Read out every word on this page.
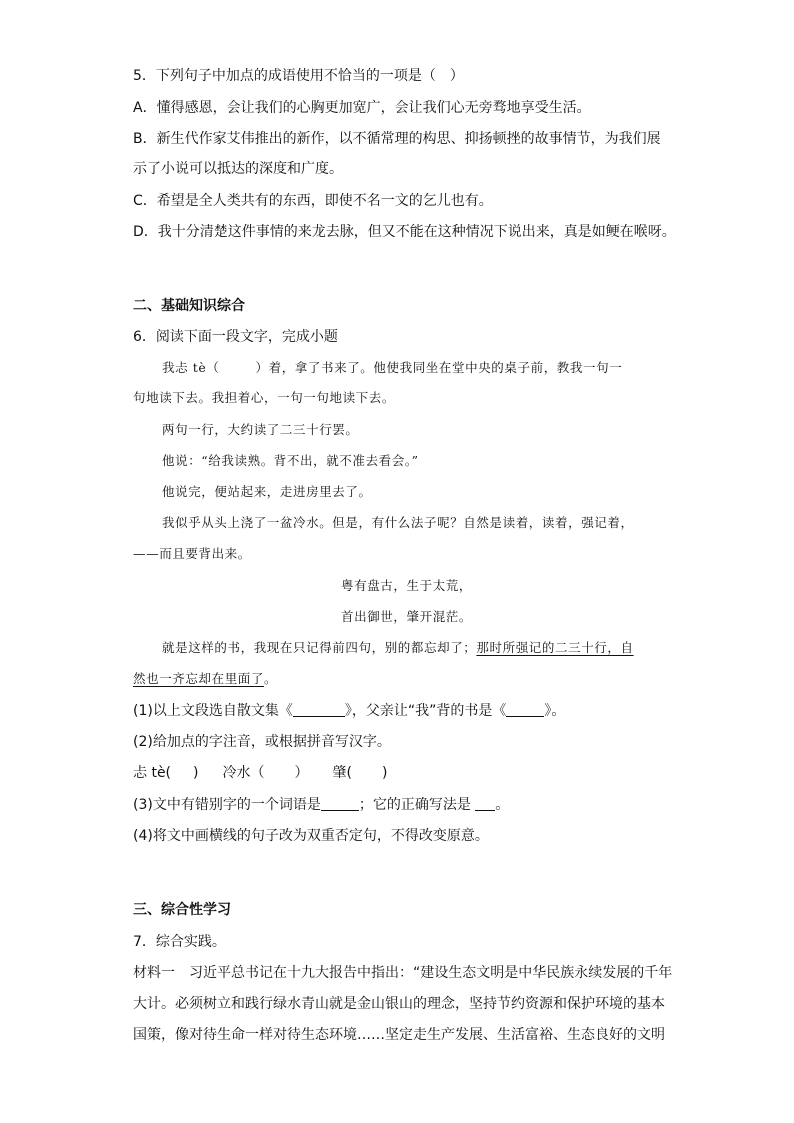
5．下列句子中加点的成语使用不恰当的一项是（　）
A．懂得感恩，会让我们的心胸更加宽广，会让我们心无旁骛地享受生活。
B．新生代作家艾伟推出的新作，以不循常理的构思、抑扬顿挫的故事情节，为我们展
示了小说可以抵达的深度和广度。
C．希望是全人类共有的东西，即使不名一文的乞儿也有。
D．我十分清楚这件事情的来龙去脉，但又不能在这种情况下说出来，真是如鲠在喉呀。
二、基础知识综合
6．阅读下面一段文字，完成小题
我忐 tè（	）着，拿了书来了。他使我同坐在堂中央的桌子前，教我一句一
句地读下去。我担着心，一句一句地读下去。
两句一行，大约读了二三十行罢。
他说：“给我读熟。背不出，就不准去看会。”
他说完，便站起来，走进房里去了。
我似乎从头上浇了一盆冷水。但是，有什么法子呢？自然是读着，读着，强记着，
——而且要背出来。
粤有盘古，生于太荒，
首出御世，肇开混茫。
就是这样的书，我现在只记得前四句，别的都忘却了；那时所强记的二三十行，自
然也一齐忘却在里面了。
(1)以上文段选自散文集《	》，父亲让“我”背的书是《	》。
(2)给加点的字注音，或根据拼音写汉字。
忐 tè( ) 冷水（ ） 肇( )
(3)文中有错别字的一个词语是	；它的正确写法是 。
(4)将文中画横线的句子改为双重否定句，不得改变原意。
三、综合性学习
7．综合实践。
材料一　习近平总书记在十九大报告中指出：“建设生态文明是中华民族永续发展的千年
大计。必须树立和践行绿水青山就是金山银山的理念，坚持节约资源和保护环境的基本
国策，像对待生命一样对待生态环境……坚定走生产发展、生活富裕、生态良好的文明
